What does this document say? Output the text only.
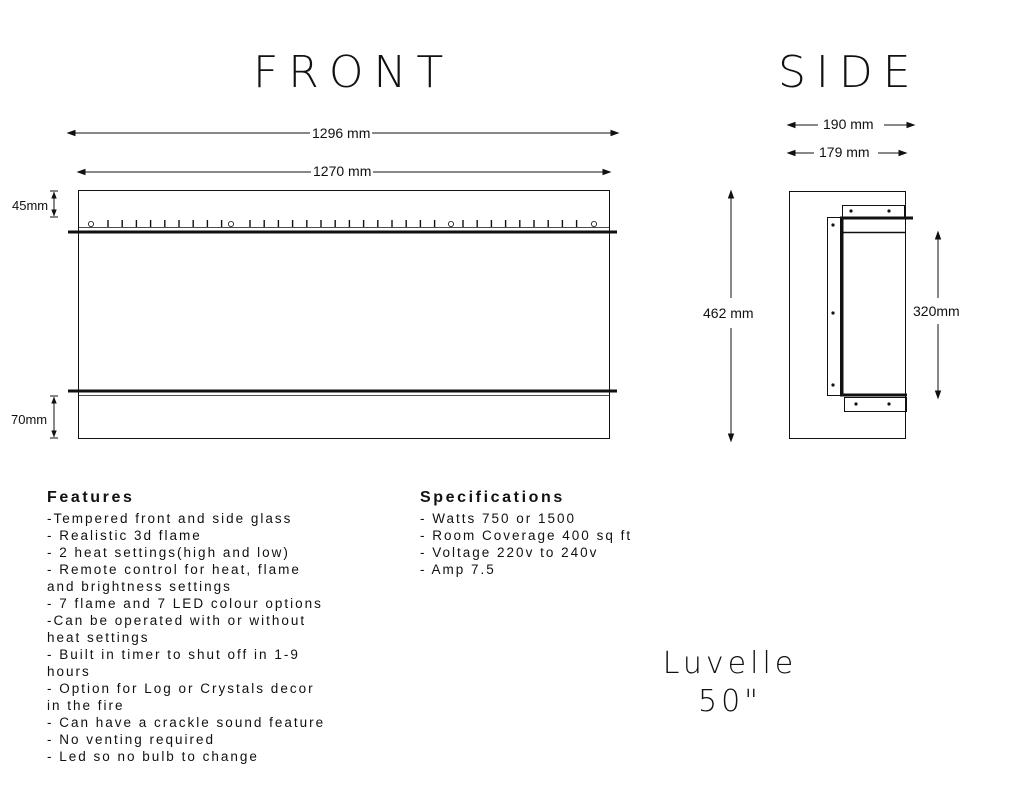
FRONT	SIDE
1296 mm
1270 mm
45mm
70mm
190 mm
179 mm
462 mm	320mm
Features
-Tempered front and side glass
- Realistic 3d flame
- 2 heat settings(high and low)
- Remote control for heat, flame
and brightness settings
- 7 flame and 7 LED colour options
-Can be operated with or without
heat settings
- Built in timer to shut off in 1-9
hours
- Option for Log or Crystals decor
in the fire
- Can have a crackle sound feature
- No venting required
- Led so no bulb to change
Specifications
- Watts 750 or 1500
- Room Coverage 400 sq ft
- Voltage 220v to 240v
- Amp 7.5
Luvelle
50"
